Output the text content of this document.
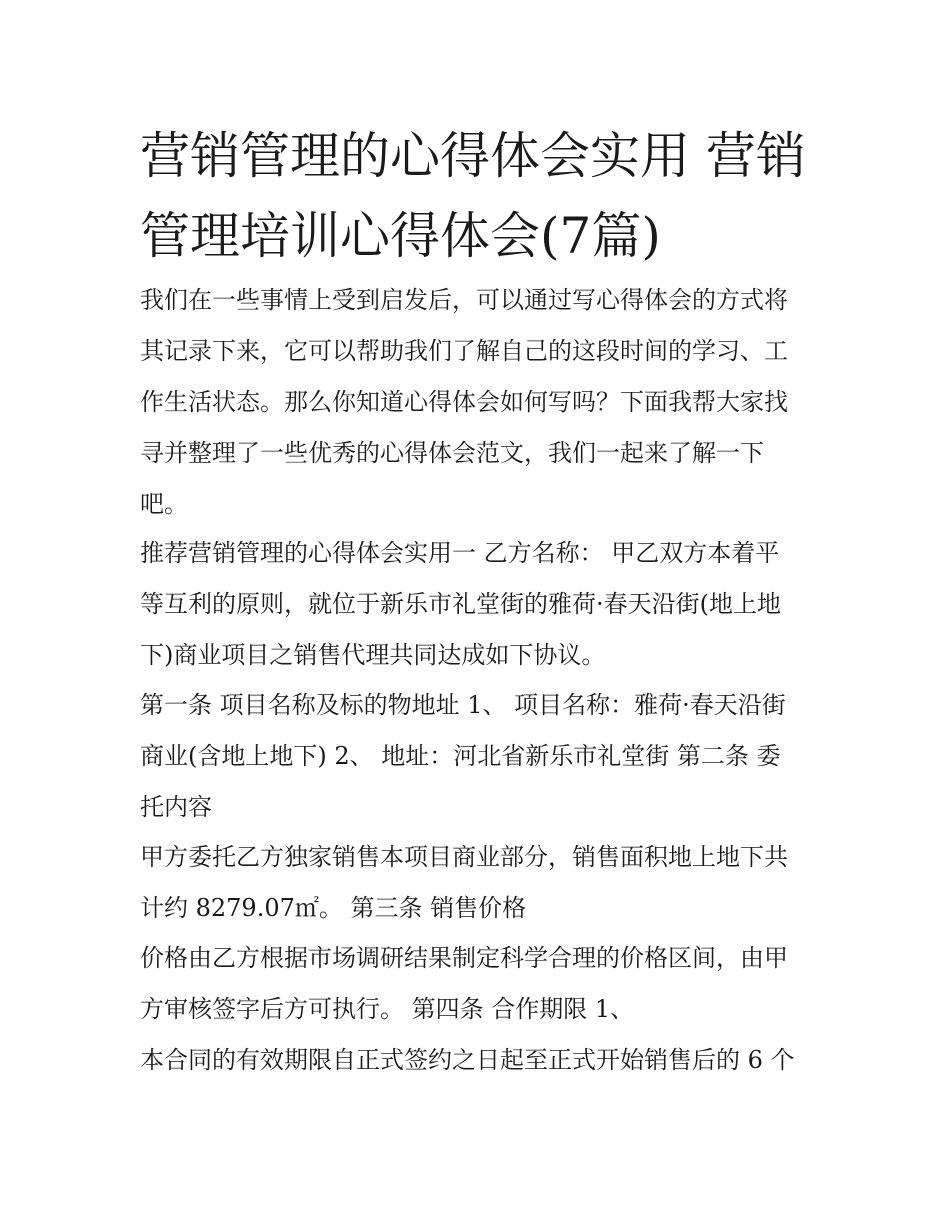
营销管理的心得体会实用 营销管理培训心得体会(7篇)
我们在一些事情上受到启发后，可以通过写心得体会的方式将
其记录下来，它可以帮助我们了解自己的这段时间的学习、工
作生活状态。那么你知道心得体会如何写吗？下面我帮大家找
寻并整理了一些优秀的心得体会范文，我们一起来了解一下
吧。
推荐营销管理的心得体会实用一 乙方名称： 甲乙双方本着平
等互利的原则，就位于新乐市礼堂街的雅荷·春天沿街(地上地
下)商业项目之销售代理共同达成如下协议。
第一条 项目名称及标的物地址 1、 项目名称：雅荷·春天沿街
商业(含地上地下) 2、 地址：河北省新乐市礼堂街 第二条 委
托内容
甲方委托乙方独家销售本项目商业部分，销售面积地上地下共
计约 8279.07㎡。 第三条 销售价格
价格由乙方根据市场调研结果制定科学合理的价格区间，由甲
方审核签字后方可执行。 第四条 合作期限 1、
本合同的有效期限自正式签约之日起至正式开始销售后的 6 个
